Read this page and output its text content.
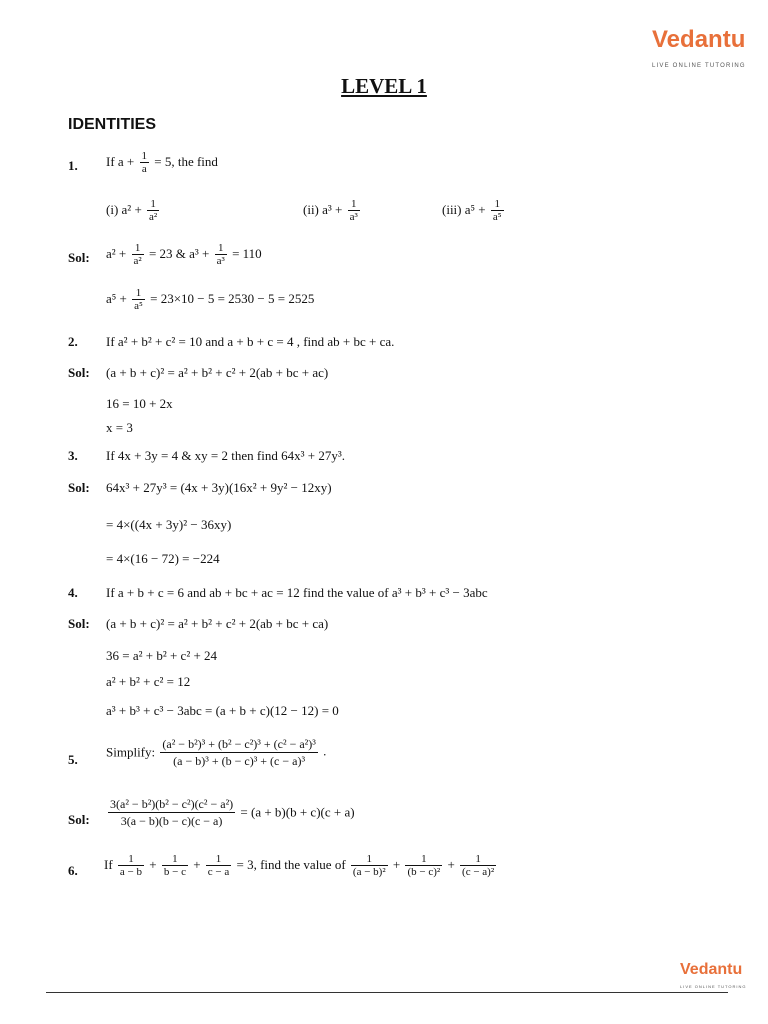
Vedantu
LIVE ONLINE TUTORING
LEVEL 1
IDENTITIES
1. If $a + \frac{1}{a} = 5$, the find
(i) $a^2 + \frac{1}{\text{a²}}$	(ii) $a^3 + \frac{1}{\text{a³}}$	(iii) $a^5 + \frac{1}{\text{a⁵}}$
Sol: $a^2 + \frac{1}{\text{a²}} = 23$ & $a^3 + \frac{1}{\text{a³}} = 110$
$a^5 + \frac{1}{\text{a⁵}} = 23\times 10 - 5 = 2530 - 5 = 2525$
2. If a² + b² + c² = 10 and a + b + c = 4 , find ab + bc + ca.
Sol: (a + b + c)² = a² + b² + c² + 2(ab + bc + ac)
16 = 10 + 2x
x = 3
3. If 4x + 3y = 4 & xy = 2 then find 64x³ + 27y³.
Sol: 64x³ + 27y³ = (4x + 3y)(16x² + 9y² − 12xy)
= 4×((4x + 3y)² − 36xy)
= 4×(16 − 72) = −224
4. If a + b + c = 6 and ab + bc + ac = 12 find the value of a³ + b³ + c³ − 3abc
Sol: (a + b + c)² = a² + b² + c² + 2(ab + bc + ca)
36 = a² + b² + c² + 24
a² + b² + c² = 12
a³ + b³ + c³ − 3abc = (a + b + c)(12 − 12) = 0
5. Simplify: $\frac{\text{(a² − b²)³ + (b² − c²)³ + (c² − a²)³}}{\text{(a − b)³ + (b − c)³ + (c − a)³}}$ .
Sol: $\frac{\text{3(a² − b²)(b² − c²)(c² − a²)}}{3(a - b)(b - c)(c - a)} = (a + b)(b + c)(c + a)$
6. If $\frac{1}{a - b} + \frac{1}{b - c} + \frac{1}{c - a} = 3$, find the value of $\frac{1}{\text{(a − b)²}} + \frac{1}{\text{(b − c)²}} + \frac{1}{\text{(c − a)²}}$
Vedantu
LIVE ONLINE TUTORING
